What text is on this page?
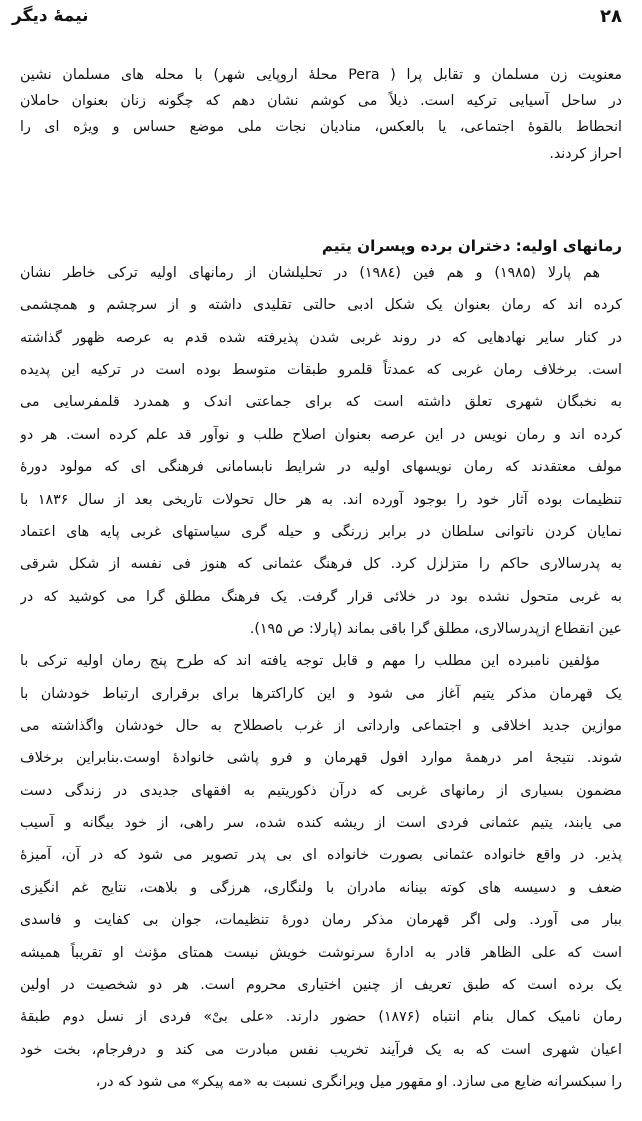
۲۸
نیمهٔ دیگر
معنویت زن مسلمان و تقابل پرا ( Pera محلهٔ اروپایی شهر) با محله های مسلمان نشین
در ساحل آسیایی ترکیه است. ذیلاً می کوشم نشان دهم که چگونه زنان بعنوان حاملان
انحطاط بالقوهٔ اجتماعی، یا بالعکس، منادیان نجات ملی موضع حساس و ویژه ای را
احراز کردند.
رمانهای اولیه: دختران برده وپسران یتیم
هم پارلا (۱۹۸۵) و هم فین (۱۹۸٤) در تحلیلشان از رمانهای اولیه ترکی خاطر نشان
کرده اند که رمان بعنوان یک شکل ادبی حالتی تقلیدی داشته و از سرچشم و همچشمی
در کنار سایر نهادهایی که در روند غربی شدن پذیرفته شده قدم به عرصه ظهور گذاشته
است. برخلاف رمان غربی که عمدتاً قلمرو طبقات متوسط بوده است در ترکیه این پدیده
به نخبگان شهری تعلق داشته است که برای جماعتی اندک و همدرد قلمفرسایی می
کرده اند و رمان نویس در این عرصه بعنوان اصلاح طلب و نوآور قد علم کرده است. هر دو
مولف معتقدند که رمان نویسهای اولیه در شرایط نابسامانی فرهنگی ای که مولود دورهٔ
تنظیمات بوده آثار خود را بوجود آورده اند. به هر حال تحولات تاریخی بعد از سال ۱۸۳۶ با
نمایان کردن ناتوانی سلطان در برابر زرنگی و حیله گری سیاستهای غربی پایه های اعتماد
به پدرسالاری حاکم را متزلزل کرد. کل فرهنگ عثمانی که هنوز فی نفسه از شکل شرقی
به غربی متحول نشده بود در خلائی قرار گرفت. یک فرهنگ مطلق گرا می کوشید که در
عین انقطاع ازپدرسالاری، مطلق گرا باقی بماند (پارلا: ص ۱۹۵).
مؤلفین نامبرده این مطلب را مهم و قابل توجه یافته اند که طرح پنج رمان اولیه ترکی با
یک قهرمان مذکر یتیم آغاز می شود و این کاراکترها برای برقراری ارتباط خودشان با
موازین جدید اخلاقی و اجتماعی وارداتی از غرب باصطلاح به حال خودشان واگذاشته می
شوند. نتیجهٔ امر درهمهٔ موارد افول قهرمان و فرو پاشی خانوادهٔ اوست.بنابراین برخلاف
مضمون بسیاری از رمانهای غربی که درآن ذکوریتیم به افقهای جدیدی در زندگی دست
می یابند، یتیم عثمانی فردی است از ریشه کنده شده، سر راهی، از خود بیگانه و آسیب
پذیر. در واقع خانواده عثمانی بصورت خانواده ای بی پدر تصویر می شود که در آن، آمیزهٔ
ضعف و دسیسه های کوته بینانه مادران با ولنگاری، هرزگی و بلاهت، نتایج غم انگیزی
ببار می آورد. ولی اگر قهرمان مذکر رمان دورهٔ تنظیمات، جوان بی کفایت و فاسدی
است که علی الظاهر قادر به ادارهٔ سرنوشت خویش نیست همتای مؤنث او تقریباً همیشه
یک برده است که طبق تعریف از چنین اختیاری محروم است. هر دو شخصیت در اولین
رمان نامیک کمال بنام انتباه (۱۸۷۶) حضور دارند. «علی بیْ» فردی از نسل دوم طبقهٔ
اعیان شهری است که به یک فرآیند تخریب نفس مبادرت می کند و درفرجام، بخت خود
را سبکسرانه ضایع می سازد. او مقهور میل ویرانگری نسبت به «مه پیکر» می شود که در،
